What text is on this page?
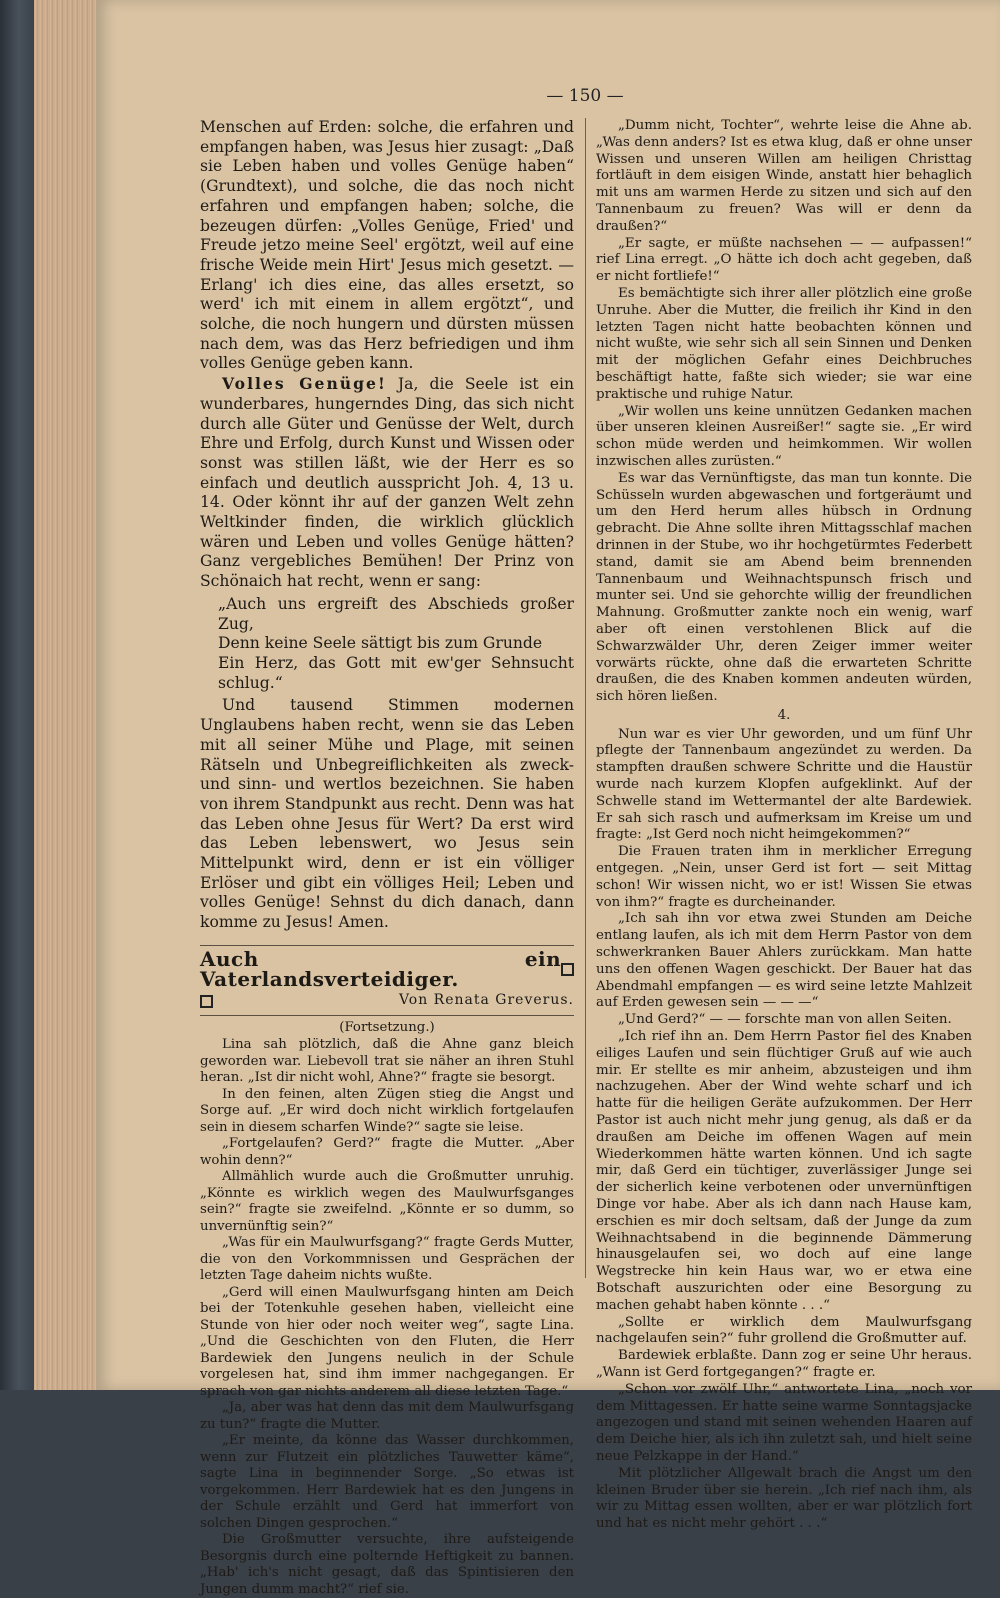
— 150 —

Menschen auf Erden: solche, die erfahren und empfangen haben, was Jesus hier zusagt: „Daß sie Leben haben und volles Genüge haben“ (Grundtext), und solche, die das noch nicht erfahren und empfangen haben; solche, die bezeugen dürfen: „Volles Genüge, Fried' und Freude jetzo meine Seel' ergötzt, weil auf eine frische Weide mein Hirt' Jesus mich gesetzt. — Erlang' ich dies eine, das alles ersetzt, so werd' ich mit einem in allem ergötzt“, und solche, die noch hungern und dürsten müssen nach dem, was das Herz befriedigen und ihm volles Genüge geben kann.

Volles Genüge! Ja, die Seele ist ein wunderbares, hungerndes Ding, das sich nicht durch alle Güter und Genüsse der Welt, durch Ehre und Erfolg, durch Kunst und Wissen oder sonst was stillen läßt, wie der Herr es so einfach und deutlich ausspricht Joh. 4, 13 u. 14. Oder könnt ihr auf der ganzen Welt zehn Weltkinder finden, die wirklich glücklich wären und Leben und volles Genüge hätten? Ganz vergebliches Bemühen! Der Prinz von Schönaich hat recht, wenn er sang:

„Auch uns ergreift des Abschieds großer Zug,
Denn keine Seele sättigt bis zum Grunde
Ein Herz, das Gott mit ew'ger Sehnsucht schlug.“

Und tausend Stimmen modernen Unglaubens haben recht, wenn sie das Leben mit all seiner Mühe und Plage, mit seinen Rätseln und Unbegreiflichkeiten als zweck- und sinn- und wertlos bezeichnen. Sie haben von ihrem Standpunkt aus recht. Denn was hat das Leben ohne Jesus für Wert? Da erst wird das Leben lebenswert, wo Jesus sein Mittelpunkt wird, denn er ist ein völliger Erlöser und gibt ein völliges Heil; Leben und volles Genüge! Sehnst du dich danach, dann komme zu Jesus! Amen.

Auch ein Vaterlandsverteidiger.
Von Renata Greverus.

(Fortsetzung.)

Lina sah plötzlich, daß die Ahne ganz bleich geworden war. Liebevoll trat sie näher an ihren Stuhl heran. „Ist dir nicht wohl, Ahne?“ fragte sie besorgt.

In den feinen, alten Zügen stieg die Angst und Sorge auf. „Er wird doch nicht wirklich fortgelaufen sein in diesem scharfen Winde?“ sagte sie leise.

„Fortgelaufen? Gerd?“ fragte die Mutter. „Aber wohin denn?“

Allmählich wurde auch die Großmutter unruhig. „Könnte es wirklich wegen des Maulwurfsganges sein?“ fragte sie zweifelnd. „Könnte er so dumm, so unvernünftig sein?“

„Was für ein Maulwurfsgang?“ fragte Gerds Mutter, die von den Vorkommnissen und Gesprächen der letzten Tage daheim nichts wußte.

„Gerd will einen Maulwurfsgang hinten am Deich bei der Totenkuhle gesehen haben, vielleicht eine Stunde von hier oder noch weiter weg“, sagte Lina. „Und die Geschichten von den Fluten, die Herr Bardewiek den Jungens neulich in der Schule vorgelesen hat, sind ihm immer nachgegangen. Er sprach von gar nichts anderem all diese letzten Tage.“

„Ja, aber was hat denn das mit dem Maulwurfsgang zu tun?“ fragte die Mutter.

„Er meinte, da könne das Wasser durchkommen, wenn zur Flutzeit ein plötzliches Tauwetter käme“, sagte Lina in beginnender Sorge. „So etwas ist vorgekommen. Herr Bardewiek hat es den Jungens in der Schule erzählt und Gerd hat immerfort von solchen Dingen gesprochen.“

Die Großmutter versuchte, ihre aufsteigende Besorgnis durch eine polternde Heftigkeit zu bannen. „Hab' ich's nicht gesagt, daß das Spintisieren den Jungen dumm macht?“ rief sie.

„Dumm nicht, Tochter“, wehrte leise die Ahne ab. „Was denn anders? Ist es etwa klug, daß er ohne unser Wissen und unseren Willen am heiligen Christtag fortläuft in dem eisigen Winde, anstatt hier behaglich mit uns am warmen Herde zu sitzen und sich auf den Tannenbaum zu freuen? Was will er denn da draußen?“

„Er sagte, er müßte nachsehen — — aufpassen!“ rief Lina erregt. „O hätte ich doch acht gegeben, daß er nicht fortliefe!“

Es bemächtigte sich ihrer aller plötzlich eine große Unruhe. Aber die Mutter, die freilich ihr Kind in den letzten Tagen nicht hatte beobachten können und nicht wußte, wie sehr sich all sein Sinnen und Denken mit der möglichen Gefahr eines Deichbruches beschäftigt hatte, faßte sich wieder; sie war eine praktische und ruhige Natur.

„Wir wollen uns keine unnützen Gedanken machen über unseren kleinen Ausreißer!“ sagte sie. „Er wird schon müde werden und heimkommen. Wir wollen inzwischen alles zurüsten.“

Es war das Vernünftigste, das man tun konnte. Die Schüsseln wurden abgewaschen und fortgeräumt und um den Herd herum alles hübsch in Ordnung gebracht. Die Ahne sollte ihren Mittagsschlaf machen drinnen in der Stube, wo ihr hochgetürmtes Federbett stand, damit sie am Abend beim brennenden Tannenbaum und Weihnachtspunsch frisch und munter sei. Und sie gehorchte willig der freundlichen Mahnung. Großmutter zankte noch ein wenig, warf aber oft einen verstohlenen Blick auf die Schwarzwälder Uhr, deren Zeiger immer weiter vorwärts rückte, ohne daß die erwarteten Schritte draußen, die des Knaben kommen andeuten würden, sich hören ließen.

4.

Nun war es vier Uhr geworden, und um fünf Uhr pflegte der Tannenbaum angezündet zu werden. Da stampften draußen schwere Schritte und die Haustür wurde nach kurzem Klopfen aufgeklinkt. Auf der Schwelle stand im Wettermantel der alte Bardewiek. Er sah sich rasch und aufmerksam im Kreise um und fragte: „Ist Gerd noch nicht heimgekommen?“

Die Frauen traten ihm in merklicher Erregung entgegen. „Nein, unser Gerd ist fort — seit Mittag schon! Wir wissen nicht, wo er ist! Wissen Sie etwas von ihm?“ fragte es durcheinander.

„Ich sah ihn vor etwa zwei Stunden am Deiche entlang laufen, als ich mit dem Herrn Pastor von dem schwerkranken Bauer Ahlers zurückkam. Man hatte uns den offenen Wagen geschickt. Der Bauer hat das Abendmahl empfangen — es wird seine letzte Mahlzeit auf Erden gewesen sein — — —“

„Und Gerd?“ — — forschte man von allen Seiten.

„Ich rief ihn an. Dem Herrn Pastor fiel des Knaben eiliges Laufen und sein flüchtiger Gruß auf wie auch mir. Er stellte es mir anheim, abzusteigen und ihm nachzugehen. Aber der Wind wehte scharf und ich hatte für die heiligen Geräte aufzukommen. Der Herr Pastor ist auch nicht mehr jung genug, als daß er da draußen am Deiche im offenen Wagen auf mein Wiederkommen hätte warten können. Und ich sagte mir, daß Gerd ein tüchtiger, zuverlässiger Junge sei der sicherlich keine verbotenen oder unvernünftigen Dinge vor habe. Aber als ich dann nach Hause kam, erschien es mir doch seltsam, daß der Junge da zum Weihnachtsabend in die beginnende Dämmerung hinausgelaufen sei, wo doch auf eine lange Wegstrecke hin kein Haus war, wo er etwa eine Botschaft auszurichten oder eine Besorgung zu machen gehabt haben könnte . . .“

„Sollte er wirklich dem Maulwurfsgang nachgelaufen sein?“ fuhr grollend die Großmutter auf.

Bardewiek erblaßte. Dann zog er seine Uhr heraus. „Wann ist Gerd fortgegangen?“ fragte er.

„Schon vor zwölf Uhr,“ antwortete Lina, „noch vor dem Mittagessen. Er hatte seine warme Sonntagsjacke angezogen und stand mit seinen wehenden Haaren auf dem Deiche hier, als ich ihn zuletzt sah, und hielt seine neue Pelzkappe in der Hand.“

Mit plötzlicher Allgewalt brach die Angst um den kleinen Bruder über sie herein. „Ich rief nach ihm, als wir zu Mittag essen wollten, aber er war plötzlich fort und hat es nicht mehr gehört . . .“
